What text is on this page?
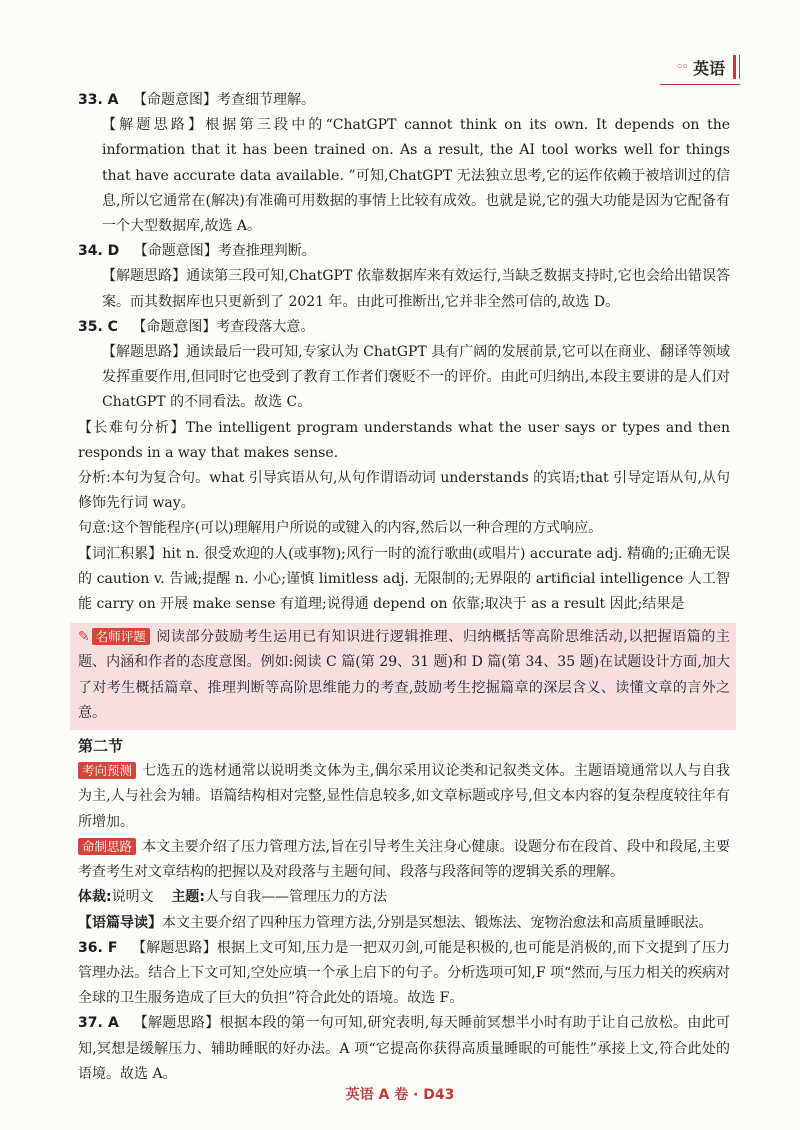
◦◦ 英语

33. A 【命题意图】考查细节理解。

【解题思路】根据第三段中的“ChatGPT cannot think on its own. It depends on the information that it has been trained on. As a result, the AI tool works well for things that have accurate data available. ”可知,ChatGPT 无法独立思考,它的运作依赖于被培训过的信息,所以它通常在(解决)有准确可用数据的事情上比较有成效。也就是说,它的强大功能是因为它配备有一个大型数据库,故选 A。

34. D 【命题意图】考查推理判断。

【解题思路】通读第三段可知,ChatGPT 依靠数据库来有效运行,当缺乏数据支持时,它也会给出错误答案。而其数据库也只更新到了 2021 年。由此可推断出,它并非全然可信的,故选 D。

35. C 【命题意图】考查段落大意。

【解题思路】通读最后一段可知,专家认为 ChatGPT 具有广阔的发展前景,它可以在商业、翻译等领域发挥重要作用,但同时它也受到了教育工作者们褒贬不一的评价。由此可归纳出,本段主要讲的是人们对 ChatGPT 的不同看法。故选 C。

【长难句分析】The intelligent program understands what the user says or types and then responds in a way that makes sense.

分析:本句为复合句。what 引导宾语从句,从句作谓语动词 understands 的宾语;that 引导定语从句,从句修饰先行词 way。

句意:这个智能程序(可以)理解用户所说的或键入的内容,然后以一种合理的方式响应。

【词汇积累】hit n. 很受欢迎的人(或事物);风行一时的流行歌曲(或唱片) accurate adj. 精确的;正确无误的 caution v. 告诫;提醒 n. 小心;谨慎 limitless adj. 无限制的;无界限的 artificial intelligence 人工智能 carry on 开展 make sense 有道理;说得通 depend on 依靠;取决于 as a result 因此;结果是

✎ 名师评题 阅读部分鼓励考生运用已有知识进行逻辑推理、归纳概括等高阶思维活动,以把握语篇的主题、内涵和作者的态度意图。例如:阅读 C 篇(第 29、31 题)和 D 篇(第 34、35 题)在试题设计方面,加大了对考生概括篇章、推理判断等高阶思维能力的考查,鼓励考生挖掘篇章的深层含义、读懂文章的言外之意。

第二节

考向预测 七选五的选材通常以说明类文体为主,偶尔采用议论类和记叙类文体。主题语境通常以人与自我为主,人与社会为辅。语篇结构相对完整,显性信息较多,如文章标题或序号,但文本内容的复杂程度较往年有所增加。

命制思路 本文主要介绍了压力管理方法,旨在引导考生关注身心健康。设题分布在段首、段中和段尾,主要考查考生对文章结构的把握以及对段落与主题句间、段落与段落间等的逻辑关系的理解。

体裁:说明文 主题:人与自我——管理压力的方法

【语篇导读】本文主要介绍了四种压力管理方法,分别是冥想法、锻炼法、宠物治愈法和高质量睡眠法。

36. F 【解题思路】根据上文可知,压力是一把双刃剑,可能是积极的,也可能是消极的,而下文提到了压力管理办法。结合上下文可知,空处应填一个承上启下的句子。分析选项可知,F 项“然而,与压力相关的疾病对全球的卫生服务造成了巨大的负担”符合此处的语境。故选 F。

37. A 【解题思路】根据本段的第一句可知,研究表明,每天睡前冥想半小时有助于让自己放松。由此可知,冥想是缓解压力、辅助睡眠的好办法。A 项“它提高你获得高质量睡眠的可能性”承接上文,符合此处的语境。故选 A。

英语 A 卷 · D43
